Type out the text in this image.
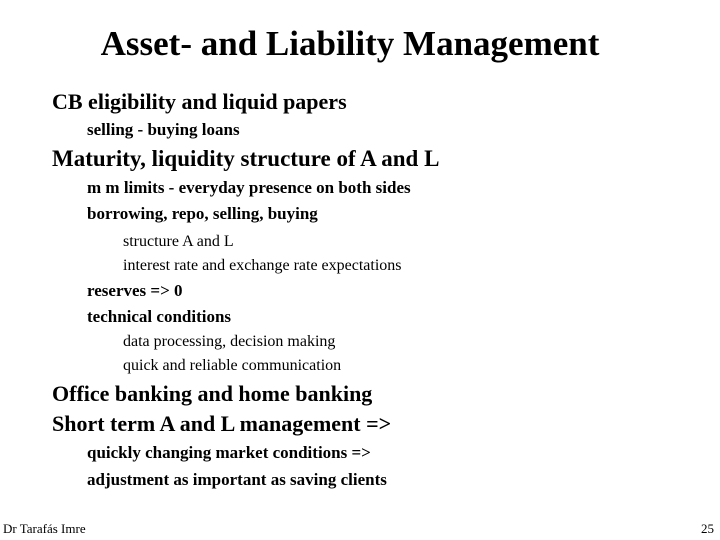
Asset- and Liability Management
CB eligibility and liquid papers
selling - buying loans
Maturity, liquidity structure of A and L
m m limits - everyday presence on both sides
borrowing, repo, selling, buying
structure A and L
interest rate and exchange rate expectations
reserves => 0
technical conditions
data processing, decision making
quick and reliable communication
Office banking and home banking
Short term A and L management =>
quickly changing market conditions =>
adjustment as important as saving clients
Dr Tarafás Imre	25
